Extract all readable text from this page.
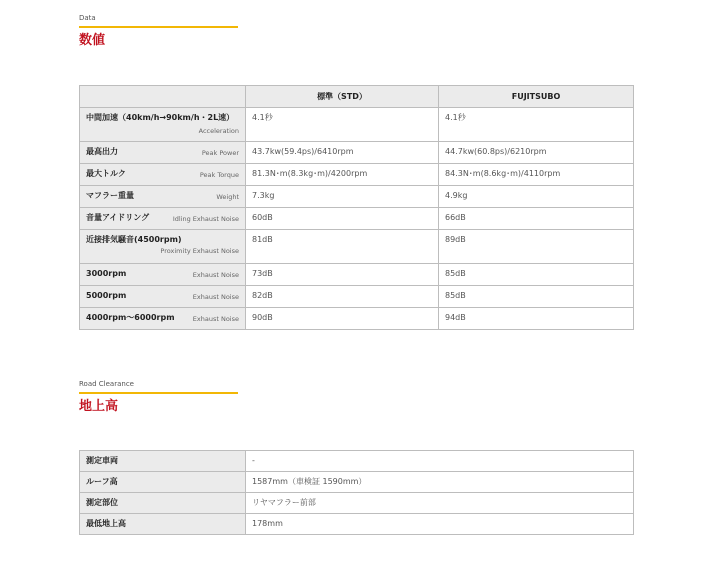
Data
数値
	標準（STD）	FUJITSUBO
中間加速（40km/h→90km/h・2L速）
Acceleration	4.1秒	4.1秒
最高出力 Peak Power	43.7kw(59.4ps)/6410rpm	44.7kw(60.8ps)/6210rpm
最大トルク Peak Torque	81.3N･m(8.3kg･m)/4200rpm	84.3N･m(8.6kg･m)/4110rpm
マフラー重量 Weight	7.3kg	4.9kg
音量アイドリング Idling Exhaust Noise	60dB	66dB
近接排気騒音(4500rpm)
Proximity Exhaust Noise	81dB	89dB
3000rpm Exhaust Noise	73dB	85dB
5000rpm Exhaust Noise	82dB	85dB
4000rpm～6000rpm Exhaust Noise	90dB	94dB
Road Clearance
地上高
測定車両	-
ルーフ高	1587mm（車検証 1590mm）
測定部位	リヤマフラー前部
最低地上高	178mm
